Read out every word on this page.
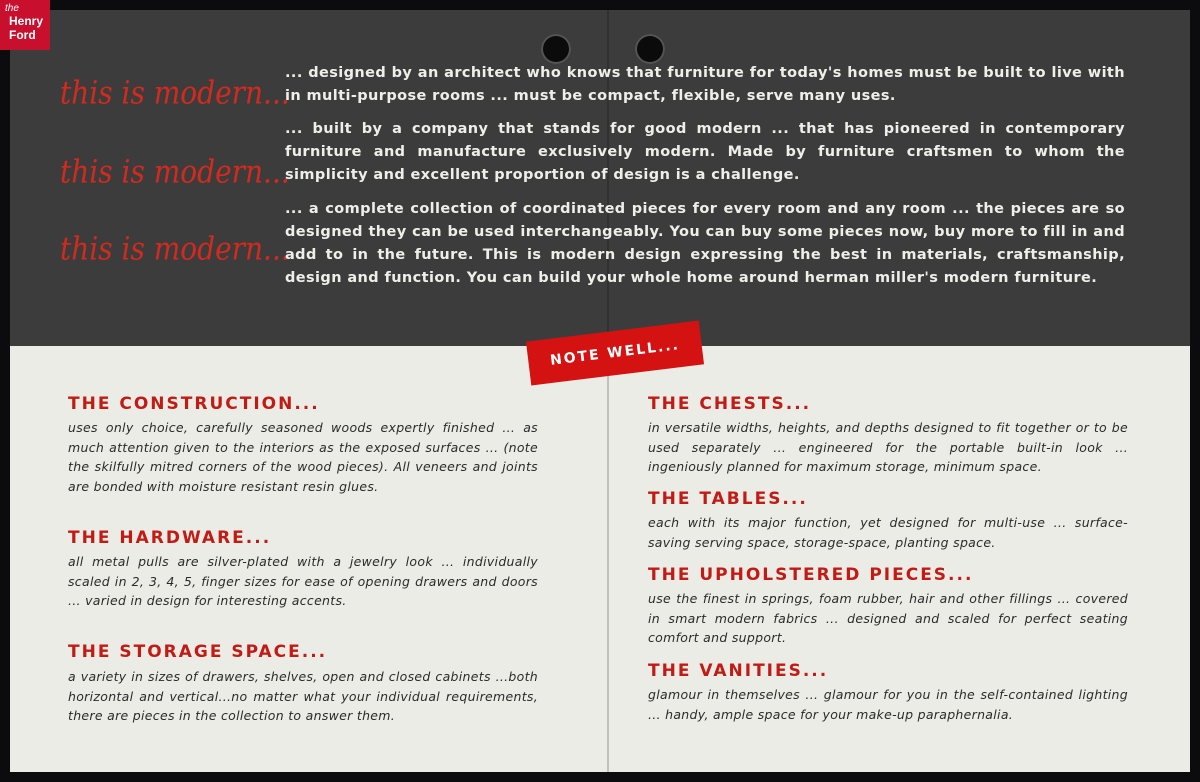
the
Henry
Ford
this is modern...
... designed by an architect who knows that furniture for today's homes must be built to live with in multi-purpose rooms ... must be compact, flexible, serve many uses.
this is modern...
... built by a company that stands for good modern ... that has pioneered in contemporary furniture and manufacture exclusively modern. Made by furniture craftsmen to whom the simplicity and excellent proportion of design is a challenge.
this is modern...
... a complete collection of coordinated pieces for every room and any room ... the pieces are so designed they can be used interchangeably. You can buy some pieces now, buy more to fill in and add to in the future. This is modern design expressing the best in materials, craftsmanship, design and function. You can build your whole home around herman miller's modern furniture.
NOTE WELL...
THE CONSTRUCTION...
uses only choice, carefully seasoned woods expertly finished ... as much attention given to the interiors as the exposed surfaces ... (note the skilfully mitred corners of the wood pieces). All veneers and joints are bonded with moisture resistant resin glues.
THE HARDWARE...
all metal pulls are silver-plated with a jewelry look ... individually scaled in 2, 3, 4, 5, finger sizes for ease of opening drawers and doors ... varied in design for interesting accents.
THE STORAGE SPACE...
a variety in sizes of drawers, shelves, open and closed cabinets ...both horizontal and vertical...no matter what your individual requirements, there are pieces in the collection to answer them.
THE CHESTS...
in versatile widths, heights, and depths designed to fit together or to be used separately ... engineered for the portable built-in look ... ingeniously planned for maximum storage, minimum space.
THE TABLES...
each with its major function, yet designed for multi-use ... surface-saving serving space, storage-space, planting space.
THE UPHOLSTERED PIECES...
use the finest in springs, foam rubber, hair and other fillings ... covered in smart modern fabrics ... designed and scaled for perfect seating comfort and support.
THE VANITIES...
glamour in themselves ... glamour for you in the self-contained lighting ... handy, ample space for your make-up paraphernalia.
